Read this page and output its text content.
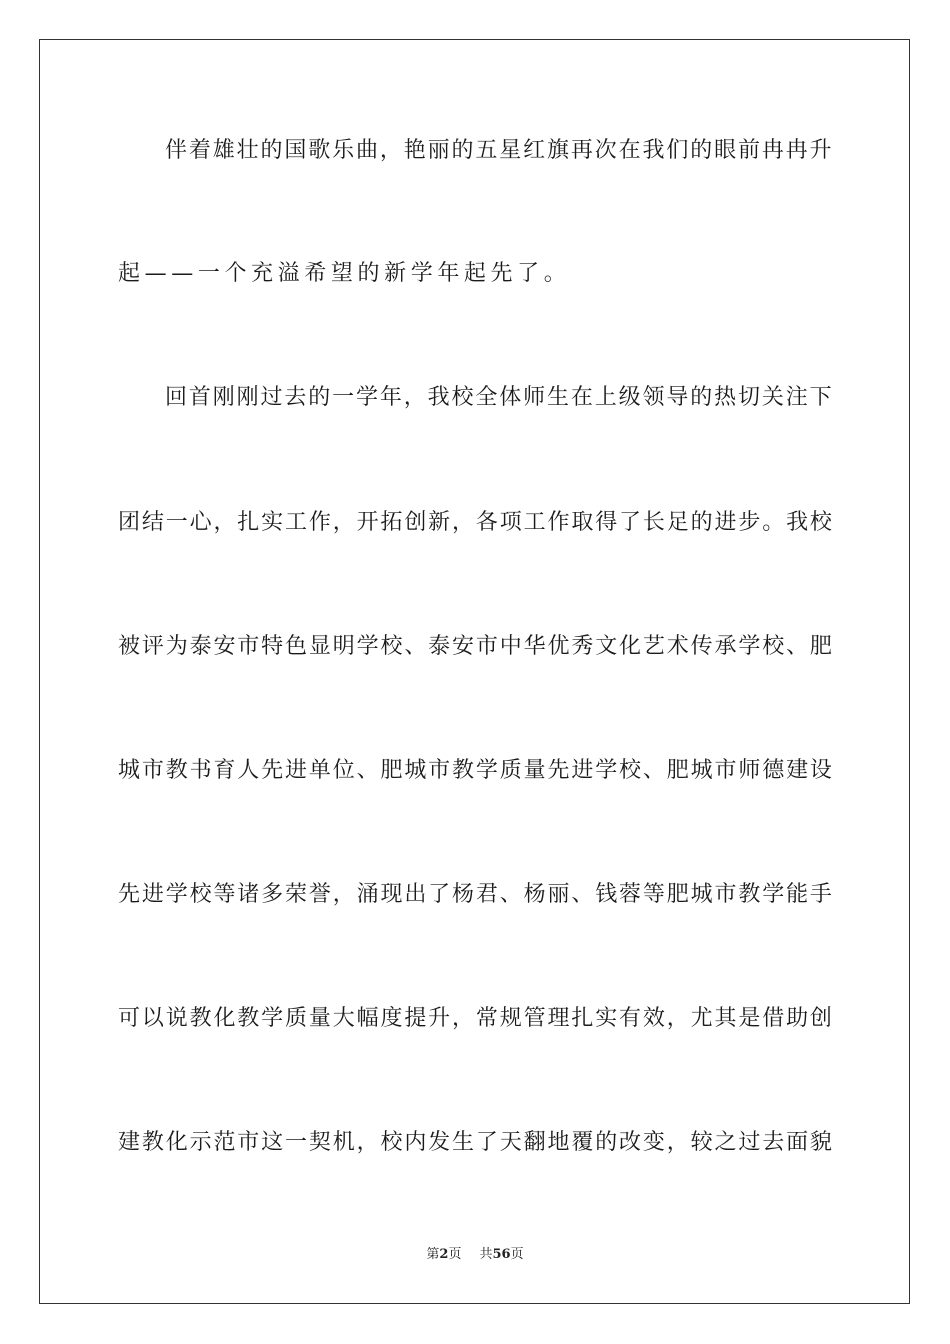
伴 着 雄 壮 的 国 歌 乐 曲 ， 艳 丽 的 五 星 红 旗 再 次 在 我 们 的 眼 前 冉 冉 升
起 — — 一 个 充 溢 希 望 的 新 学 年 起 先 了 。
回 首 刚 刚 过 去 的 一 学 年 ， 我 校 全 体 师 生 在 上 级 领 导 的 热 切 关 注 下
团 结 一 心 ， 扎 实 工 作 ， 开 拓 创 新 ， 各 项 工 作 取 得 了 长 足 的 进 步 。 我 校
被 评 为 泰 安 市 特 色 显 明 学 校 、 泰 安 市 中 华 优 秀 文 化 艺 术 传 承 学 校 、 肥
城 市 教 书 育 人 先 进 单 位 、 肥 城 市 教 学 质 量 先 进 学 校 、 肥 城 市 师 德 建 设
先 进 学 校 等 诸 多 荣 誉 ， 涌 现 出 了 杨 君 、 杨 丽 、 钱 蓉 等 肥 城 市 教 学 能 手
可 以 说 教 化 教 学 质 量 大 幅 度 提 升 ， 常 规 管 理 扎 实 有 效 ， 尤 其 是 借 助 创
建 教 化 示 范 市 这 一 契 机 ， 校 内 发 生 了 天 翻 地 覆 的 改 变 ， 较 之 过 去 面 貌
第2页 共56页
